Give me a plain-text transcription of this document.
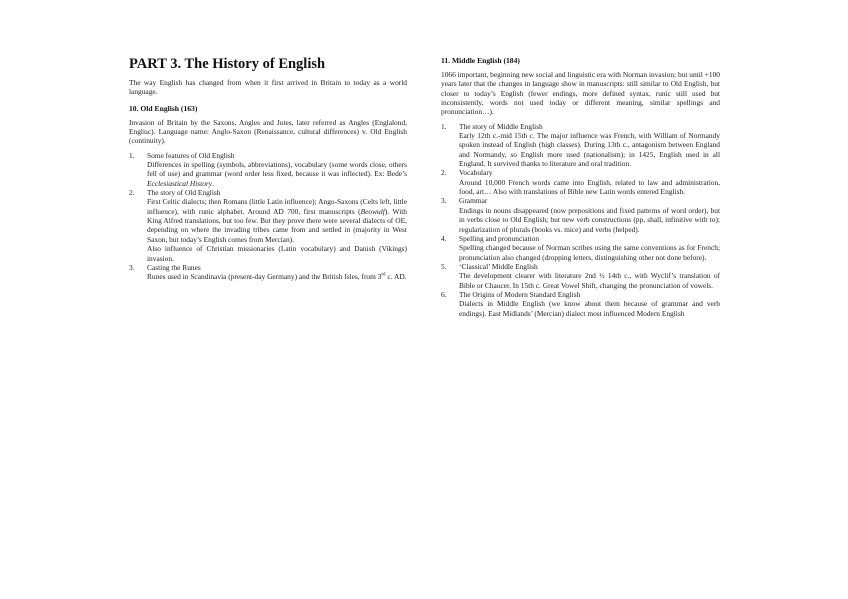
PART 3. The History of English

The way English has changed from when it first arrived in Britain to today as a world language.

10. Old English (163)

Invasion of Britain by the Saxons, Angles and Jutes, later referred as Angles (Englalond, Englisc). Language name: Anglo-Saxon (Renaissance, cultural differences) v. Old English (continuity).

1. Some features of Old English
Differences in spelling (symbols, abbreviations), vocabulary (some words close, others fell of use) and grammar (word order less fixed, because it was inflected). Ex: Bede’s Ecclesiastical History.
2. The story of Old English
First Celtic dialects; then Romans (little Latin influence); Ango-Saxons (Celts left, little influence), with runic alphabet. Around AD 700, first manuscripts (Beowulf). With King Alfred translations, but too few. But they prove there were several dialects of OE, depending on where the invading tribes came from and settled in (majority in West Saxon, but today’s English comes from Mercian).
Also influence of Christian missionaries (Latin vocabulary) and Danish (Vikings) invasion.
3. Casting the Runes
Runes used in Scandinavia (present-day Germany) and the British Isles, from 3rd c. AD.
11. Middle English (184)

1066 important, beginning new social and linguistic era with Norman invasion; but until +100 years later that the changes in language show in manuscripts: still similar to Old English, but closer to today’s English (fewer endings, more defined syntax, runic still used but inconsistently, words not used today or different meaning, similar spellings and pronunciation…).

1. The story of Middle English
Early 12th c.-mid 15th c. The major influence was French, with William of Normandy spoken instead of English (high classes). During 13th c., antagonism between England and Normandy, so English more used (nationalism); in 1425, English used in all England. It survived thanks to literature and oral tradition.
2. Vocabulary
Around 10,000 French words came into English, related to law and administration, food, art… Also with translations of Bible new Latin words entered English.
3. Grammar
Endings in nouns disappeared (now prepositions and fixed patterns of word order), but in verbs close to Old English; but new verb constructions (pp, shall, infinitive with to); regularization of plurals (books vs. mice) and verbs (helped).
4. Spelling and pronunciation
Spelling changed because of Norman scribes using the same conventions as for French; pronunciation also changed (dropping letters, distinguishing other not done before).
5. ‘Classical’ Middle English
The development clearer with literature 2nd ½ 14th c., with Wyclif’s translation of Bible or Chaucer. In 15th c. Great Vowel Shift, changing the pronunciation of vowels.
6. The Origins of Modern Standard English
Dialects in Middle English (we know about them because of grammar and verb endings). East Midlands’ (Mercian) dialect most influenced Modern English
